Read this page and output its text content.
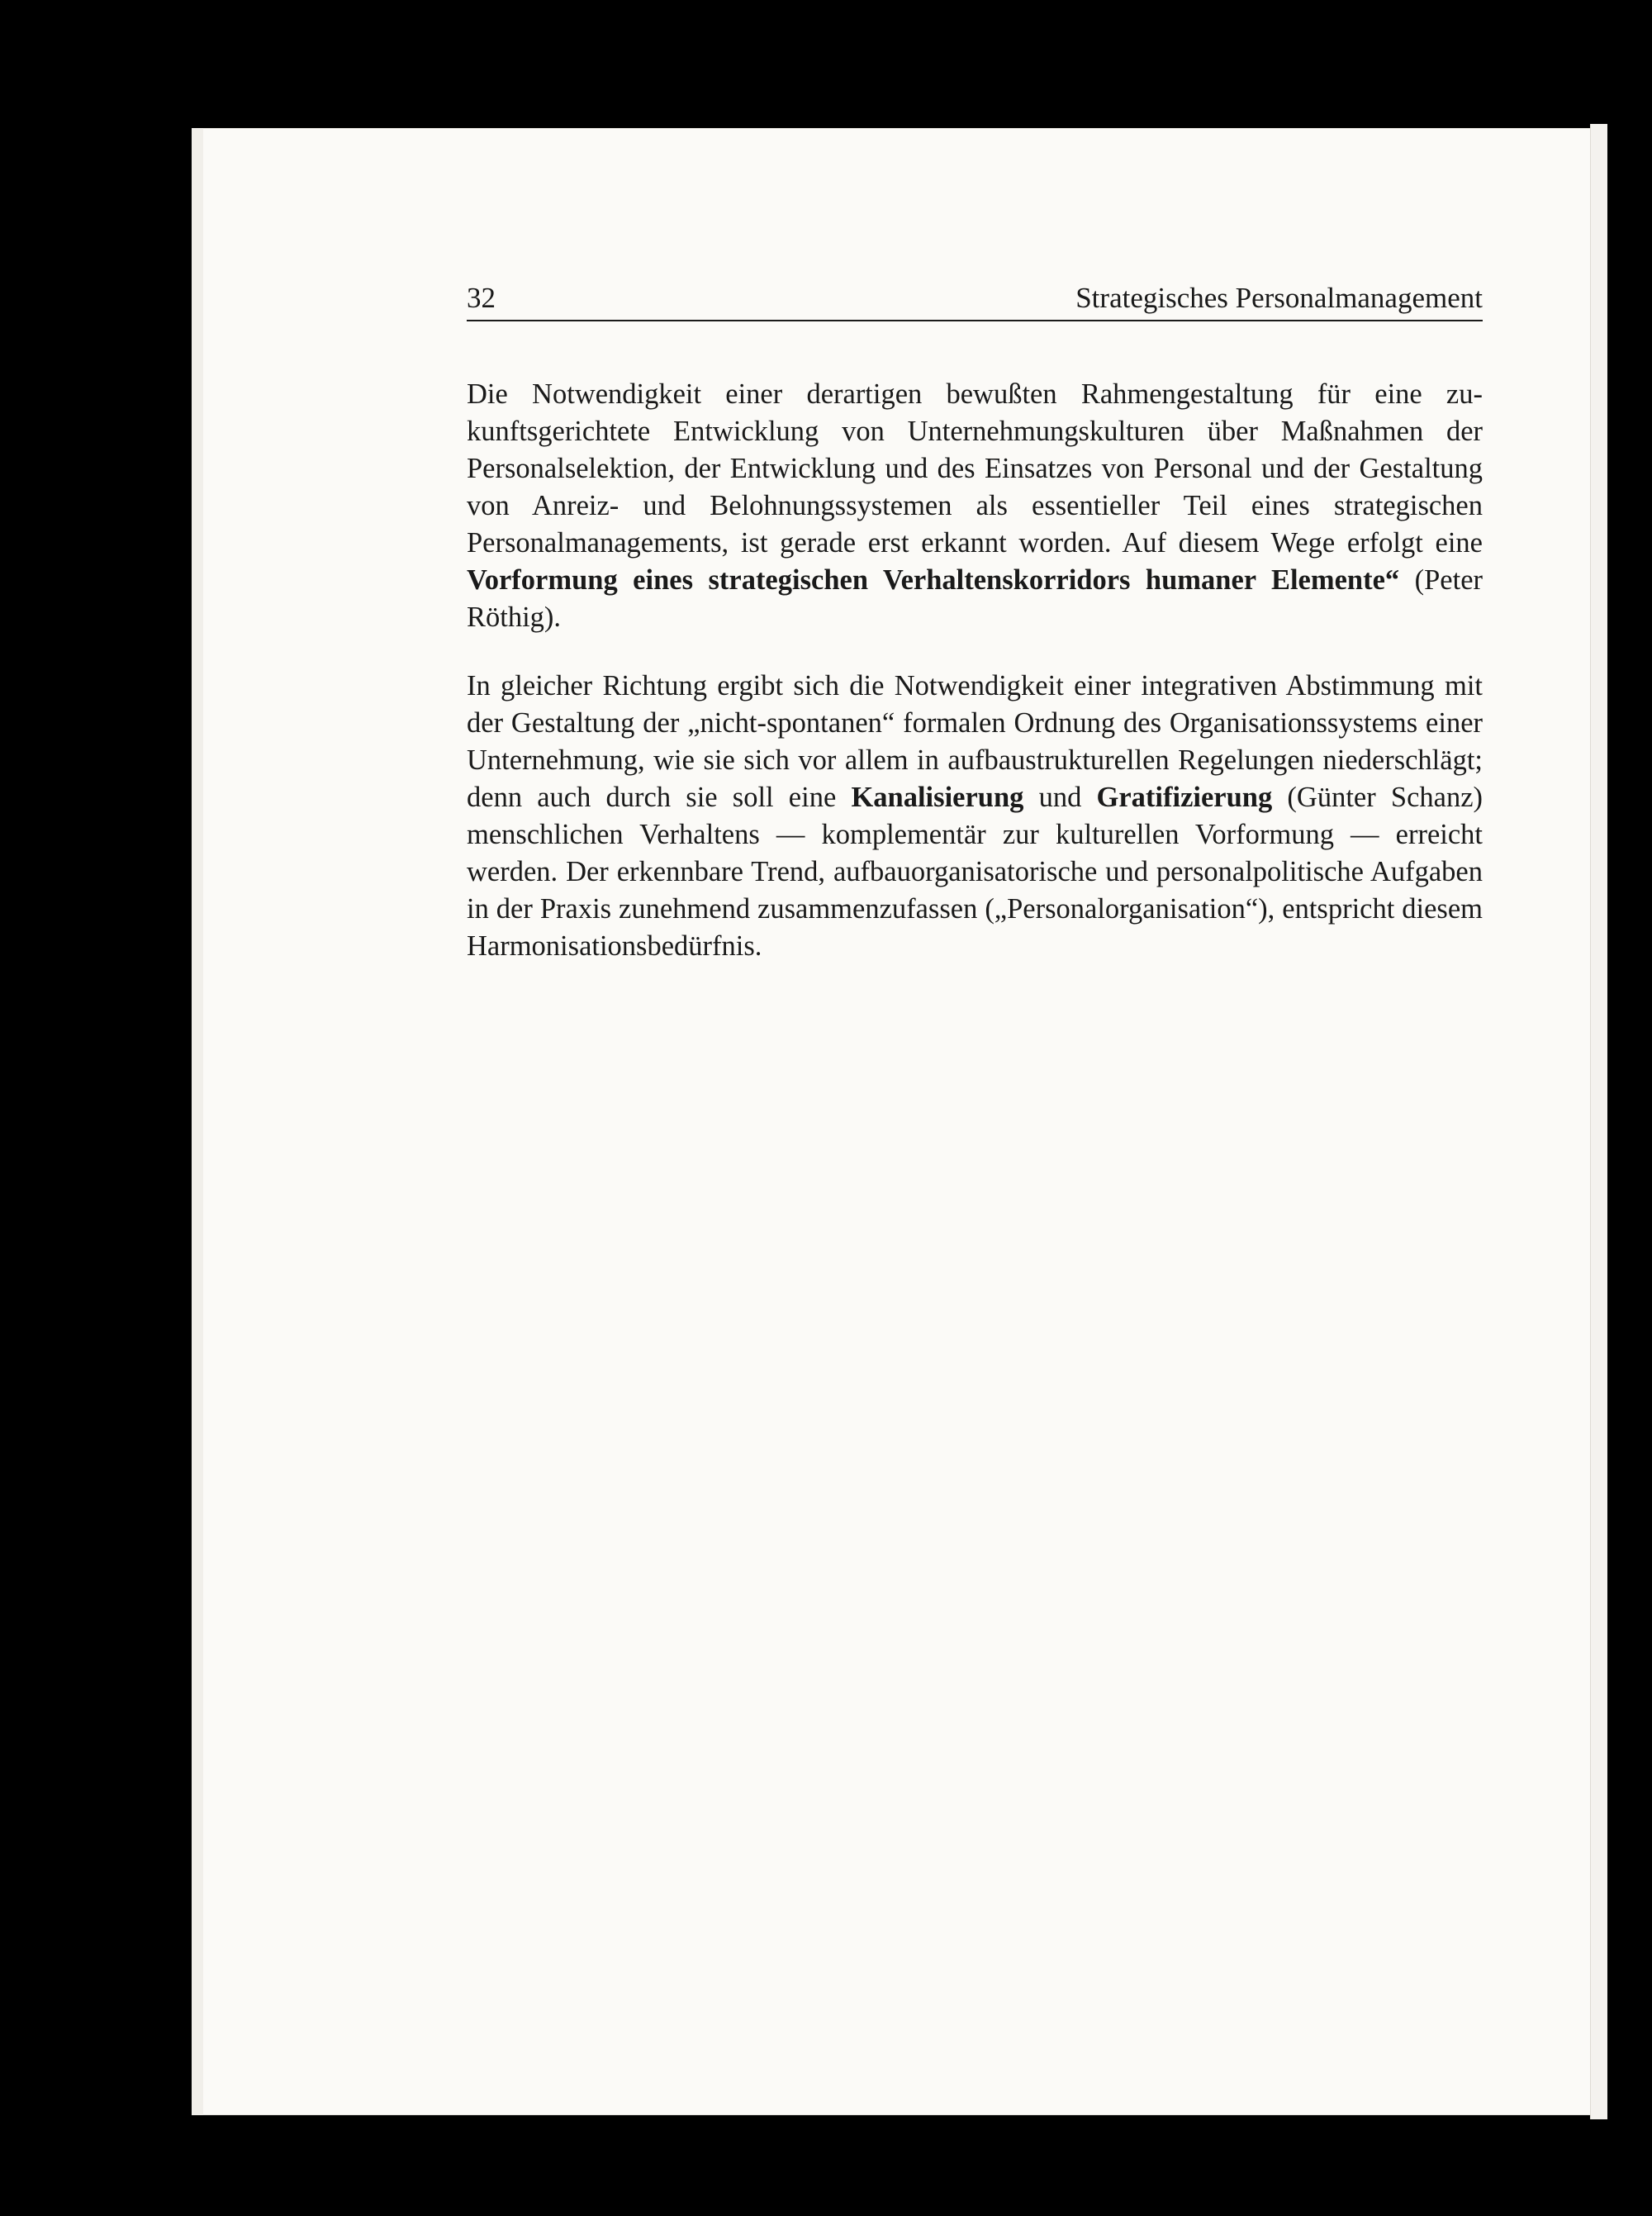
32	Strategisches Personalmanagement

Die Notwendigkeit einer derartigen bewußten Rahmengestaltung für eine zukunftsgerichtete Entwicklung von Unternehmungskulturen über Maßnahmen der Personalselektion, der Entwicklung und des Einsatzes von Personal und der Gestaltung von Anreiz- und Belohnungssystemen als essentieller Teil eines strategischen Personalmanagements, ist gerade erst erkannt worden. Auf diesem Wege erfolgt eine Vorformung eines strategischen Verhaltenskorridors humaner Elemente“ (Peter Röthig).

In gleicher Richtung ergibt sich die Notwendigkeit einer integrativen Abstimmung mit der Gestaltung der „nicht-spontanen“ formalen Ordnung des Organisationssystems einer Unternehmung, wie sie sich vor allem in aufbaustrukturellen Regelungen niederschlägt; denn auch durch sie soll eine Kanalisierung und Gratifizierung (Günter Schanz) menschlichen Verhaltens — komplementär zur kulturellen Vorformung — erreicht werden. Der erkennbare Trend, aufbauorganisatorische und personalpolitische Aufgaben in der Praxis zunehmend zusammenzufassen („Personalorganisation“), entspricht diesem Harmonisationsbedürfnis.
